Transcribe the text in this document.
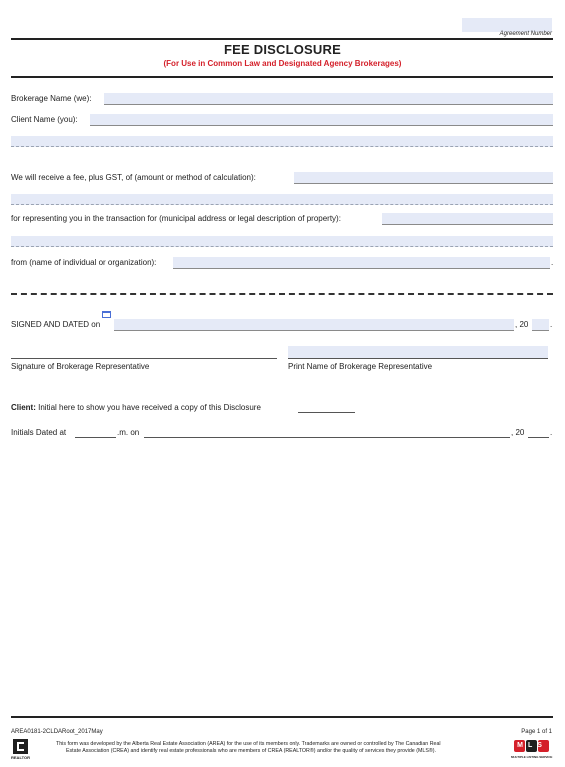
Agreement Number
FEE DISCLOSURE
(For Use in Common Law and Designated Agency Brokerages)
Brokerage Name (we):
Client Name (you):
We will receive a fee, plus GST, of (amount or method of calculation):
for representing you in the transaction for (municipal address or legal description of property):
from (name of individual or organization):	.
SIGNED AND DATED on	, 20	.
Signature of Brokerage Representative	Print Name of Brokerage Representative
Client: Initial here to show you have received a copy of this Disclosure
Initials Dated at	.m. on	, 20	.
AREA0181-2CLDARoot_2017May	Page 1 of 1
REALTOR
This form was developed by the Alberta Real Estate Association (AREA) for the use of its members only. Trademarks are owned or controlled by The Canadian Real
Estate Association (CREA) and identify real estate professionals who are members of CREA (REALTOR®) and/or the quality of services they provide (MLS®).
MLS
MULTIPLE LISTING SERVICE
